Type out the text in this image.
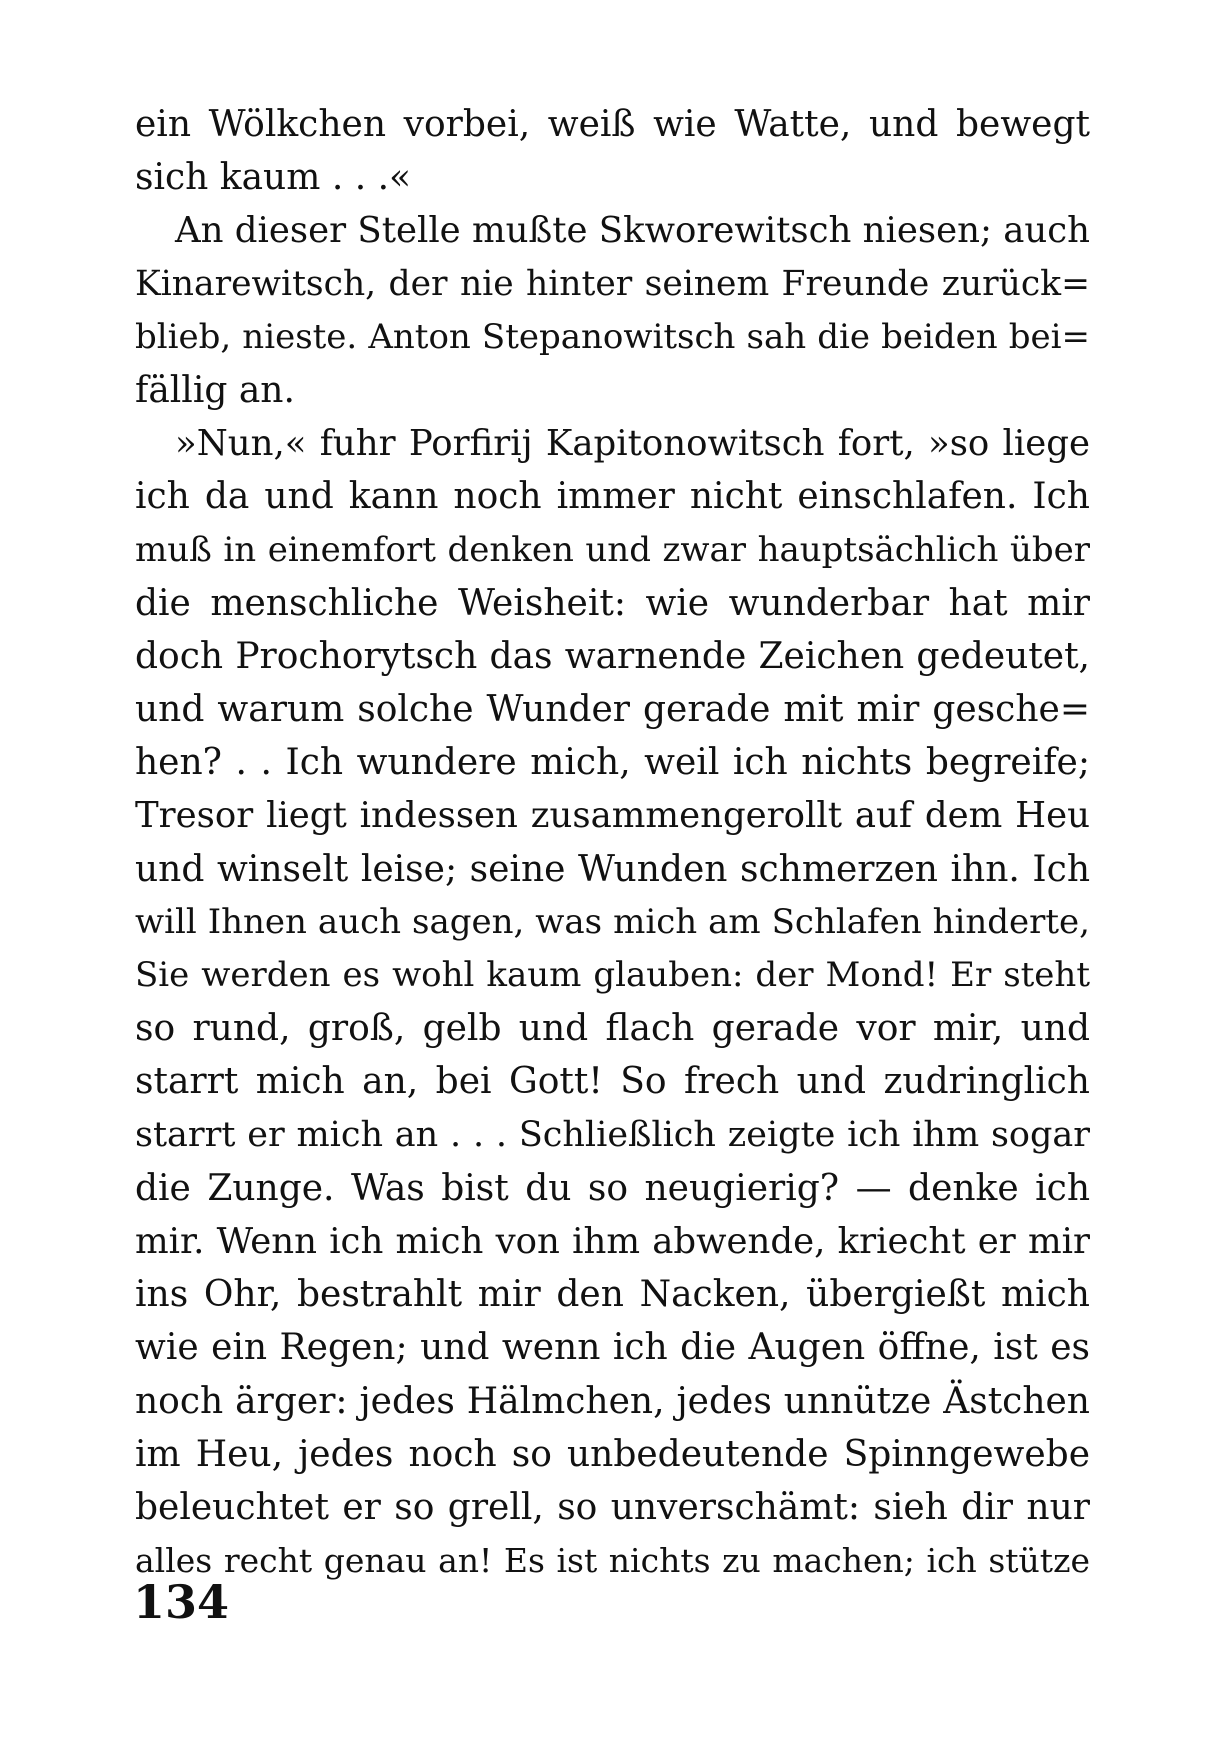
ein Wölkchen vorbei, weiß wie Watte, und bewegt
sich kaum . . .«
An dieser Stelle mußte Skworewitsch niesen; auch
Kinarewitsch, der nie hinter seinem Freunde zurück=
blieb, nieste. Anton Stepanowitsch sah die beiden bei=
fällig an.
»Nun,« fuhr Porfirij Kapitonowitsch fort, »so liege
ich da und kann noch immer nicht einschlafen. Ich
muß in einemfort denken und zwar hauptsächlich über
die menschliche Weisheit: wie wunderbar hat mir
doch Prochorytsch das warnende Zeichen gedeutet,
und warum solche Wunder gerade mit mir gesche=
hen? . . Ich wundere mich, weil ich nichts begreife;
Tresor liegt indessen zusammengerollt auf dem Heu
und winselt leise; seine Wunden schmerzen ihn. Ich
will Ihnen auch sagen, was mich am Schlafen hinderte,
Sie werden es wohl kaum glauben: der Mond! Er steht
so rund, groß, gelb und flach gerade vor mir, und
starrt mich an, bei Gott! So frech und zudringlich
starrt er mich an . . . Schließlich zeigte ich ihm sogar
die Zunge. Was bist du so neugierig? — denke ich
mir. Wenn ich mich von ihm abwende, kriecht er mir
ins Ohr, bestrahlt mir den Nacken, übergießt mich
wie ein Regen; und wenn ich die Augen öffne, ist es
noch ärger: jedes Hälmchen, jedes unnütze Ästchen
im Heu, jedes noch so unbedeutende Spinngewebe
beleuchtet er so grell, so unverschämt: sieh dir nur
alles recht genau an! Es ist nichts zu machen; ich stütze
134
